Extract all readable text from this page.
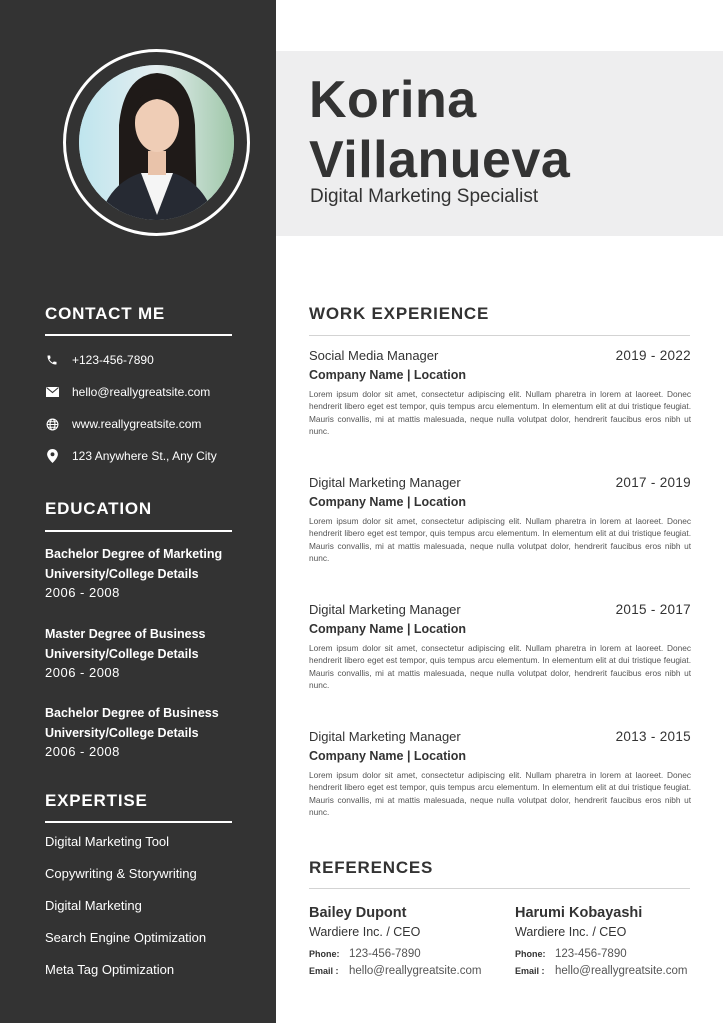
CONTACT ME
+123-456-7890
hello@reallygreatsite.com
www.reallygreatsite.com
123 Anywhere St., Any City
EDUCATION
Bachelor Degree of Marketing
University/College Details
2006 - 2008
Master Degree of Business
University/College Details
2006 - 2008
Bachelor Degree of Business
University/College Details
2006 - 2008
EXPERTISE
Digital Marketing Tool
Copywriting & Storywriting
Digital Marketing
Search Engine Optimization
Meta Tag Optimization
Korina
Villanueva
Digital Marketing Specialist
WORK EXPERIENCE
Social Media Manager	2019 - 2022
Company Name | Location
Lorem ipsum dolor sit amet, consectetur adipiscing elit. Nullam pharetra in lorem at laoreet. Donec hendrerit libero eget est tempor, quis tempus arcu elementum. In elementum elit at dui tristique feugiat. Mauris convallis, mi at mattis malesuada, neque nulla volutpat dolor, hendrerit faucibus eros nibh ut nunc.
Digital Marketing Manager	2017 - 2019
Company Name | Location
Lorem ipsum dolor sit amet, consectetur adipiscing elit. Nullam pharetra in lorem at laoreet. Donec hendrerit libero eget est tempor, quis tempus arcu elementum. In elementum elit at dui tristique feugiat. Mauris convallis, mi at mattis malesuada, neque nulla volutpat dolor, hendrerit faucibus eros nibh ut nunc.
Digital Marketing Manager	2015 - 2017
Company Name | Location
Lorem ipsum dolor sit amet, consectetur adipiscing elit. Nullam pharetra in lorem at laoreet. Donec hendrerit libero eget est tempor, quis tempus arcu elementum. In elementum elit at dui tristique feugiat. Mauris convallis, mi at mattis malesuada, neque nulla volutpat dolor, hendrerit faucibus eros nibh ut nunc.
Digital Marketing Manager	2013 - 2015
Company Name | Location
Lorem ipsum dolor sit amet, consectetur adipiscing elit. Nullam pharetra in lorem at laoreet. Donec hendrerit libero eget est tempor, quis tempus arcu elementum. In elementum elit at dui tristique feugiat. Mauris convallis, mi at mattis malesuada, neque nulla volutpat dolor, hendrerit faucibus eros nibh ut nunc.
REFERENCES
Bailey Dupont
Wardiere Inc. / CEO
Phone: 123-456-7890
Email : hello@reallygreatsite.com
Harumi Kobayashi
Wardiere Inc. / CEO
Phone: 123-456-7890
Email : hello@reallygreatsite.com
